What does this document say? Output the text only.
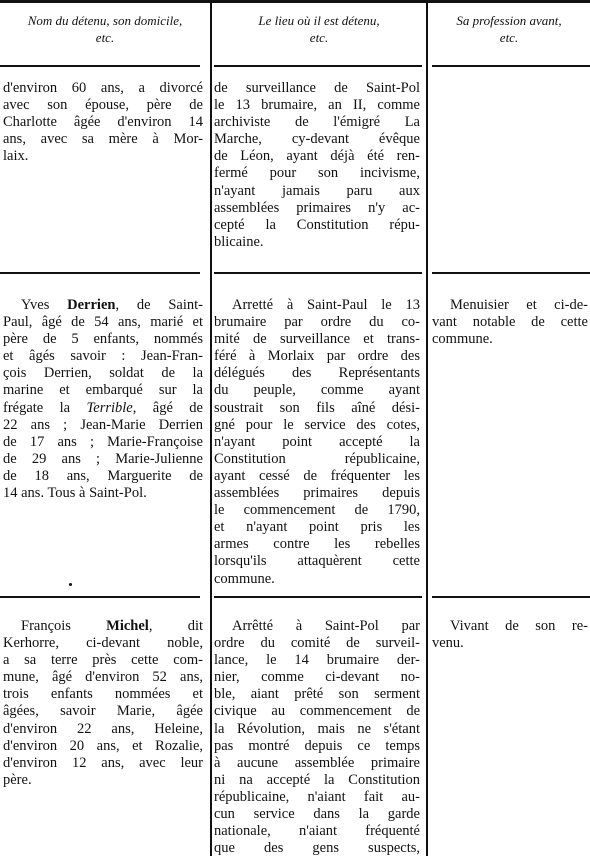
Nom du détenu, son domicile,
etc.
Le lieu où il est détenu,
etc.
Sa profession avant,
etc.
d'environ 60 ans, a divorcé
avec son épouse, père de
Charlotte âgée d'environ 14
ans, avec sa mère à Mor-
laix.
de surveillance de Saint-Pol
le 13 brumaire, an II, comme
archiviste de l'émigré La
Marche, cy-devant évêque
de Léon, ayant déjà été ren-
fermé pour son incivisme,
n'ayant jamais paru aux
assemblées primaires n'y ac-
cepté la Constitution répu-
blicaine.
Yves Derrien, de Saint-
Paul, âgé de 54 ans, marié et
père de 5 enfants, nommés
et âgés savoir : Jean-Fran-
çois Derrien, soldat de la
marine et embarqué sur la
frégate la Terrible, âgé de
22 ans ; Jean-Marie Derrien
de 17 ans ; Marie-Françoise
de 29 ans ; Marie-Julienne
de 18 ans, Marguerite de
14 ans. Tous à Saint-Pol.
Arretté à Saint-Paul le 13
brumaire par ordre du co-
mité de surveillance et trans-
féré à Morlaix par ordre des
délégués des Représentants
du peuple, comme ayant
soustrait son fils aîné dési-
gné pour le service des cotes,
n'ayant point accepté la
Constitution républicaine,
ayant cessé de fréquenter les
assemblées primaires depuis
le commencement de 1790,
et n'ayant point pris les
armes contre les rebelles
lorsqu'ils attaquèrent cette
commune.
Menuisier et ci-de-
vant notable de cette
commune.
François Michel, dit
Kerhorre, ci-devant noble,
a sa terre près cette com-
mune, âgé d'environ 52 ans,
trois enfants nommées et
âgées, savoir Marie, âgée
d'environ 22 ans, Heleine,
d'environ 20 ans, et Rozalie,
d'environ 12 ans, avec leur
père.
Arrêtté à Saint-Pol par
ordre du comité de surveil-
lance, le 14 brumaire der-
nier, comme ci-devant no-
ble, aiant prêté son serment
civique au commencement de
la Révolution, mais ne s'étant
pas montré depuis ce temps
à aucune assemblée primaire
ni na accepté la Constitution
républicaine, n'aiant fait au-
cun service dans la garde
nationale, n'aiant fréquenté
que des gens suspects,
Vivant de son re-
venu.
